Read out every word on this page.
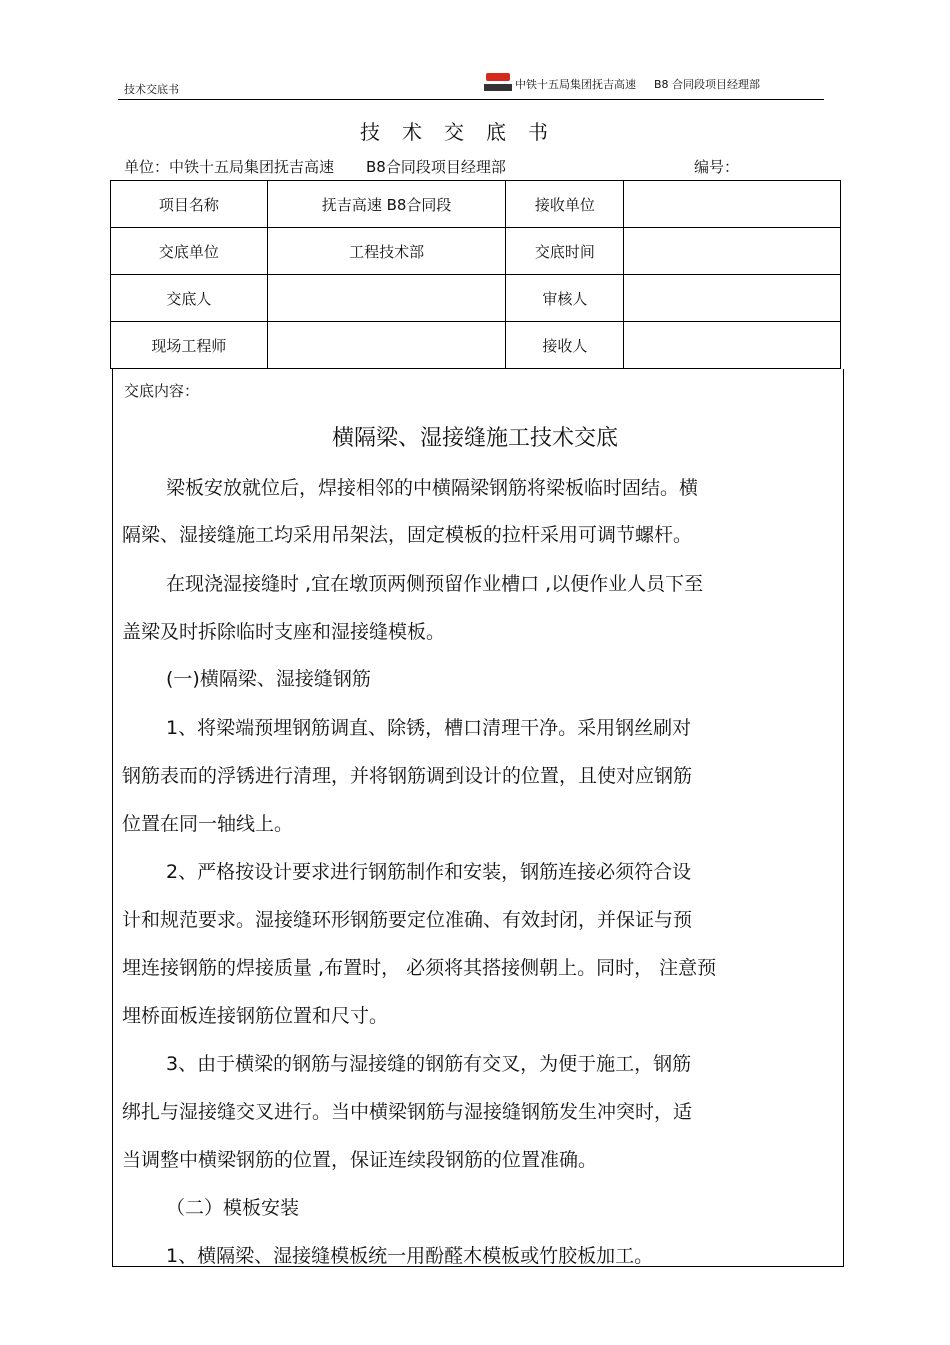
技术交底书	中铁十五局集团抚吉高速 B8 合同段项目经理部
技术交底书
单位：中铁十五局集团抚吉高速 B8合同段项目经理部	编号：
项目名称	抚吉高速 B8合同段	接收单位	
交底单位	工程技术部	交底时间	
交底人		审核人	
现场工程师		接收人	
交底内容：
横隔梁、湿接缝施工技术交底
梁板安放就位后，焊接相邻的中横隔梁钢筋将梁板临时固结。横
隔梁、湿接缝施工均采用吊架法，固定模板的拉杆采用可调节螺杆。
在现浇湿接缝时 ,宜在墩顶两侧预留作业槽口 ,以便作业人员下至
盖梁及时拆除临时支座和湿接缝模板。
(一)横隔梁、湿接缝钢筋
1、将梁端预埋钢筋调直、除锈，槽口清理干净。采用钢丝刷对
钢筋表而的浮锈进行清理，并将钢筋调到设计的位置，且使对应钢筋
位置在同一轴线上。
2、严格按设计要求进行钢筋制作和安装，钢筋连接必须符合设
计和规范要求。湿接缝环形钢筋要定位准确、有效封闭，并保证与预
埋连接钢筋的焊接质量 ,布置时， 必须将其搭接侧朝上。同时， 注意预
埋桥面板连接钢筋位置和尺寸。
3、由于横梁的钢筋与湿接缝的钢筋有交叉，为便于施工，钢筋
绑扎与湿接缝交叉进行。当中横梁钢筋与湿接缝钢筋发生冲突时，适
当调整中横梁钢筋的位置，保证连续段钢筋的位置准确。
（二）模板安装
1、横隔梁、湿接缝模板统一用酚醛木模板或竹胶板加工。
